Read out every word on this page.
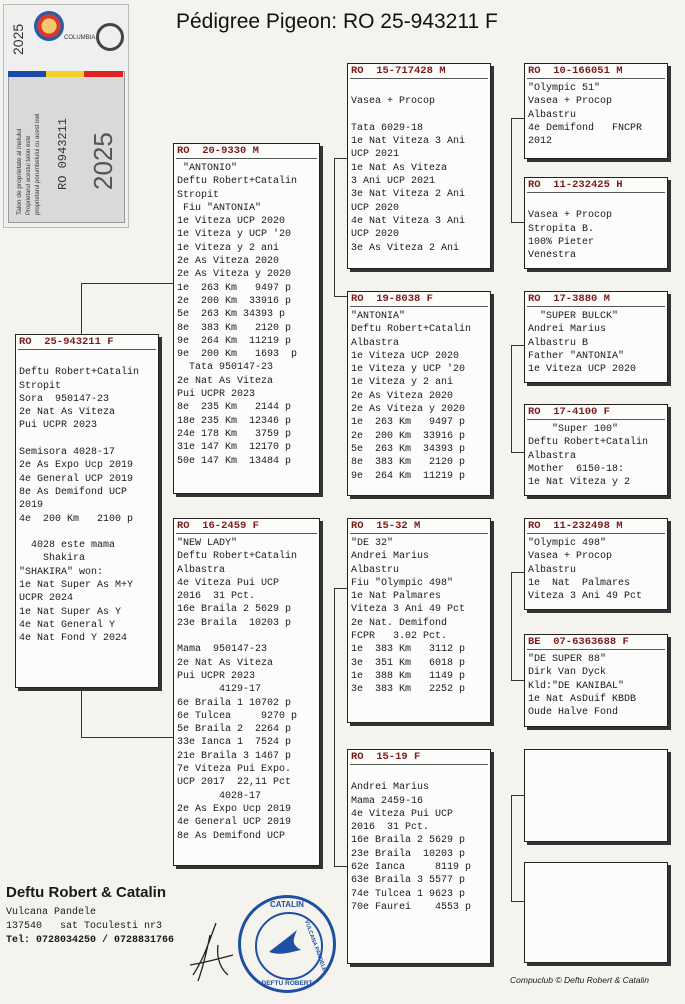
Pédigree Pigeon: RO 25-943211 F
COLUMBIA
2025
Talon de proprietate al inelului Proprietarul acestui talon este proprietarul porumbelului cu acest inel RO 0943211 2025
RO  25-943211 F
Deftu Robert+Catalin
Stropit
Sora  950147-23
2e Nat As Viteza
Pui UCPR 2023
Semisora 4028-17
2e As Expo Ucp 2019
4e General UCP 2019
8e As Demifond UCP
2019
4e  200 Km   2100 p
4028 este mama
Shakira
"SHAKIRA" won:
1e Nat Super As M+Y
UCPR 2024
1e Nat Super As Y
4e Nat General Y
4e Nat Fond Y 2024
RO  20-9330 M
"ANTONIO"
Deftu Robert+Catalin
Stropit
Fiu "ANTONIA"
1e Viteza UCP 2020
1e Viteza y UCP '20
1e Viteza y 2 ani
2e As Viteza 2020
2e As Viteza y 2020
1e  263 Km   9497 p
2e  200 Km  33916 p
5e  263 Km 34393 p
8e  383 Km   2120 p
9e  264 Km  11219 p
9e  200 Km   1693  p
Tata 950147-23
2e Nat As Viteza
Pui UCPR 2023
8e  235 Km   2144 p
18e 235 Km  12346 p
24e 178 Km   3759 p
31e 147 Km  12170 p
50e 147 Km  13484 p
RO  16-2459 F
"NEW LADY"
Deftu Robert+Catalin
Albastra
4e Viteza Pui UCP
2016  31 Pct.
16e Braila 2 5629 p
23e Braila  10203 p
Mama  950147-23
2e Nat As Viteza
Pui UCPR 2023
4129-17
6e Braila 1 10702 p
6e Tulcea     9270 p
5e Braila 2  2264 p
33e Ianca 1  7524 p
21e Braila 3 1467 p
7e Viteza Pui Expo.
UCP 2017  22,11 Pct
4028-17
2e As Expo Ucp 2019
4e General UCP 2019
8e As Demifond UCP
RO  15-717428 M
Vasea + Procop
Tata 6029-18
1e Nat Viteza 3 Ani
UCP 2021
1e Nat As Viteza
3 Ani UCP 2021
3e Nat Viteza 2 Ani
UCP 2020
4e Nat Viteza 3 Ani
UCP 2020
3e As Viteza 2 Ani
RO  19-8038 F
"ANTONIA"
Deftu Robert+Catalin
Albastra
1e Viteza UCP 2020
1e Viteza y UCP '20
1e Viteza y 2 ani
2e As Viteza 2020
2e As Viteza y 2020
1e  263 Km   9497 p
2e  200 Km  33916 p
5e  263 Km  34393 p
8e  383 Km   2120 p
9e  264 Km  11219 p
RO  15-32 M
"DE 32"
Andrei Marius
Albastru
Fiu "Olympic 498"
1e Nat Palmares
Viteza 3 Ani 49 Pct
2e Nat. Demifond
FCPR   3.02 Pct.
1e  383 Km   3112 p
3e  351 Km   6018 p
1e  388 Km   1149 p
3e  383 Km   2252 p
RO  15-19 F
Andrei Marius
Mama 2459-16
4e Viteza Pui UCP
2016  31 Pct.
16e Braila 2 5629 p
23e Braila  10203 p
62e Ianca     8119 p
63e Braila 3 5577 p
74e Tulcea 1 9623 p
70e Faurei    4553 p
RO  10-166051 M
"Olympic 51"
Vasea + Procop
Albastru
4e Demifond   FNCPR
2012
RO  11-232425 H
Vasea + Procop
Stropita B.
100% Pieter
Venestra
RO  17-3880 M
"SUPER BULCK"
Andrei Marius
Albastru B
Father "ANTONIA"
1e Viteza UCP 2020
RO  17-4100 F
"Super 100"
Deftu Robert+Catalin
Albastra
Mother  6150-18:
1e Nat Viteza y 2
RO  11-232498 M
"Olympic 498"
Vasea + Procop
Albastru
1e  Nat  Palmares
Viteza 3 Ani 49 Pct
BE  07-6363688 F
"DE SUPER 88"
Dirk Van Dyck
Kld:"DE KANIBAL"
1e Nat AsDuif KBDB
Oude Halve Fond
Deftu Robert & Catalin
Vulcana Pandele
137540   sat Toculesti nr3
Tel: 0728034250 / 0728831766
CATALIN
DEFTU ROBERT
VULCANA PANDELE
Compuclub © Deftu Robert & Catalin
